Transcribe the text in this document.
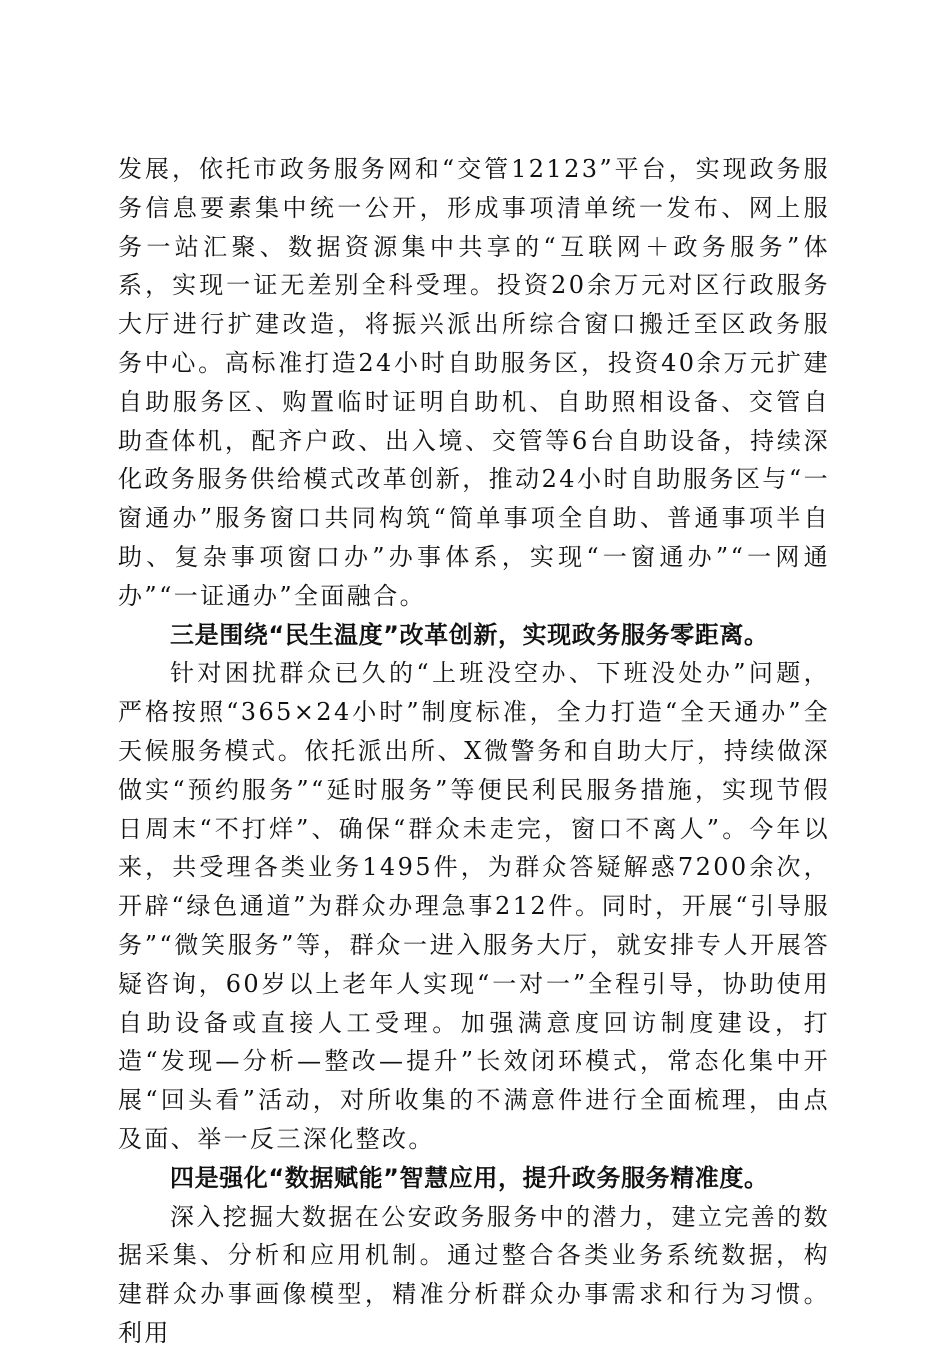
发展，依托市政务服务网和“交管12123”平台，实现政务服务信息要素集中统一公开，形成事项清单统一发布、网上服务一站汇聚、数据资源集中共享的“互联网＋政务服务”体系，实现一证无差别全科受理。投资20余万元对区行政服务大厅进行扩建改造，将振兴派出所综合窗口搬迁至区政务服务中心。高标准打造24小时自助服务区，投资40余万元扩建自助服务区、购置临时证明自助机、自助照相设备、交管自助查体机，配齐户政、出入境、交管等6台自助设备，持续深化政务服务供给模式改革创新，推动24小时自助服务区与“一窗通办”服务窗口共同构筑“简单事项全自助、普通事项半自助、复杂事项窗口办”办事体系，实现“一窗通办”“一网通办”“一证通办”全面融合。

三是围绕“民生温度”改革创新，实现政务服务零距离。

针对困扰群众已久的“上班没空办、下班没处办”问题，严格按照“365×24小时”制度标准，全力打造“全天通办”全天候服务模式。依托派出所、X微警务和自助大厅，持续做深做实“预约服务”“延时服务”等便民利民服务措施，实现节假日周末“不打烊”、确保“群众未走完，窗口不离人”。今年以来，共受理各类业务1495件，为群众答疑解惑7200余次，开辟“绿色通道”为群众办理急事212件。同时，开展“引导服务”“微笑服务”等，群众一进入服务大厅，就安排专人开展答疑咨询，60岁以上老年人实现“一对一”全程引导，协助使用自助设备或直接人工受理。加强满意度回访制度建设，打造“发现—分析—整改—提升”长效闭环模式，常态化集中开展“回头看”活动，对所收集的不满意件进行全面梳理，由点及面、举一反三深化整改。

四是强化“数据赋能”智慧应用，提升政务服务精准度。

深入挖掘大数据在公安政务服务中的潜力，建立完善的数据采集、分析和应用机制。通过整合各类业务系统数据，构建群众办事画像模型，精准分析群众办事需求和行为习惯。利用
